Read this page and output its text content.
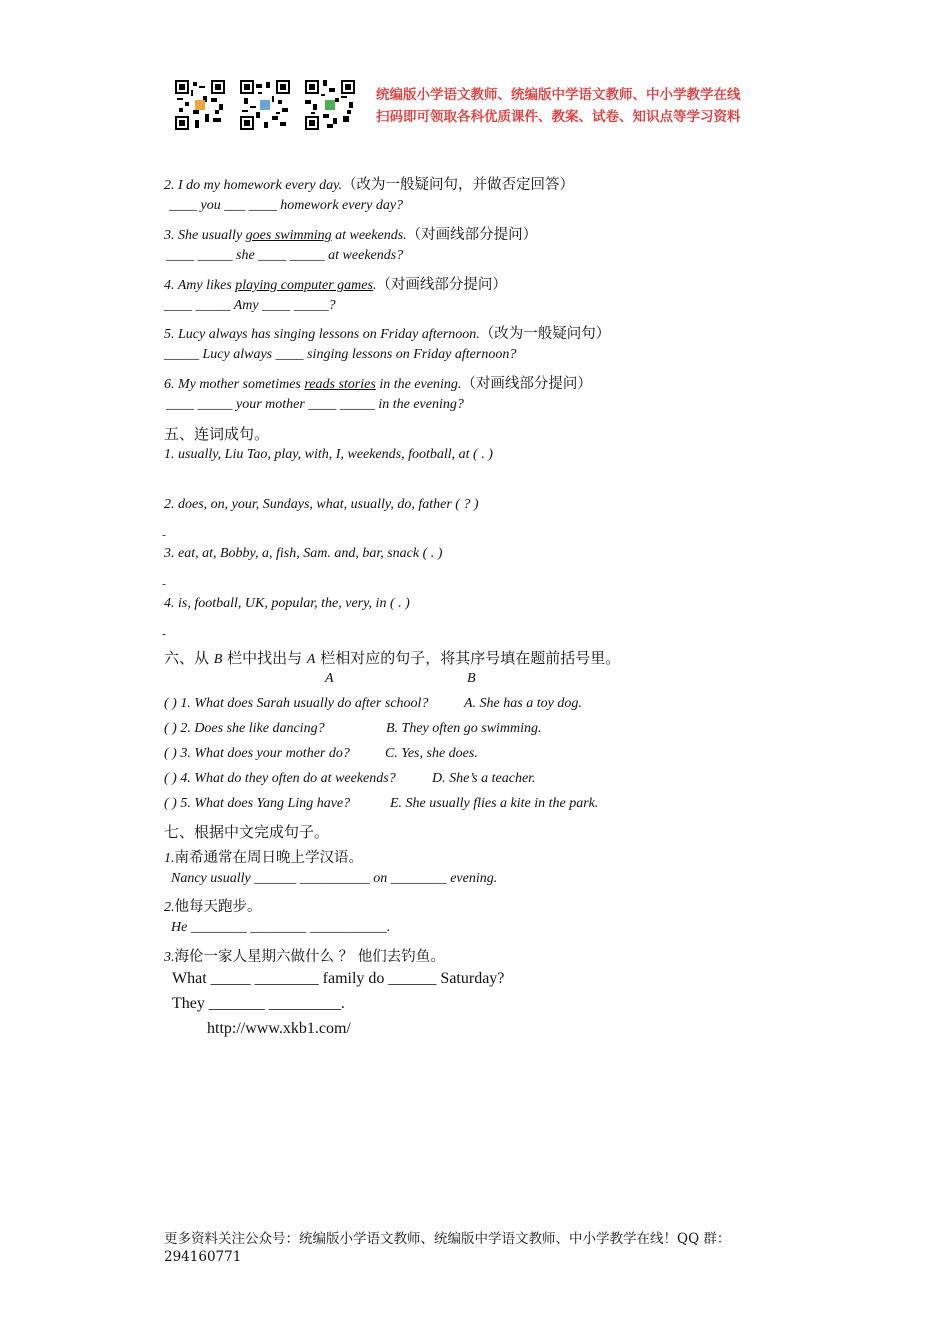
统编版小学语文教师、统编版中学语文教师、中小学教学在线
扫码即可领取各科优质课件、教案、试卷、知识点等学习资料
2. I do my homework every day.（改为一般疑问句，并做否定回答）
____ you ___ ____ homework every day?
3. She usually goes swimming at weekends.（对画线部分提问）
____ _____ she ____ _____ at weekends?
4. Amy likes playing computer games.（对画线部分提问）
____ _____ Amy ____ _____?
5. Lucy always has singing lessons on Friday afternoon.（改为一般疑问句）
_____ Lucy always ____ singing lessons on Friday afternoon?
6. My mother sometimes reads stories in the evening.（对画线部分提问）
____ _____ your mother ____ _____ in the evening?
五、连词成句。
1. usually, Liu Tao, play, with, I, weekends, football, at ( . )
2. does, on, your, Sundays, what, usually, do, father ( ? )
-
3. eat, at, Bobby, a, fish, Sam. and, bar, snack ( . )
-
4. is, football, UK, popular, the, very, in ( . )
-
六、从 B 栏中找出与 A 栏相对应的句子，将其序号填在题前括号里。
A	B
( ) 1. What does Sarah usually do after school?	A. She has a toy dog.
( ) 2. Does she like dancing?	B. They often go swimming.
( ) 3. What does your mother do?	C. Yes, she does.
( ) 4. What do they often do at weekends?	D. She’s a teacher.
( ) 5. What does Yang Ling have?	E. She usually flies a kite in the park.
七、根据中文完成句子。
1.南希通常在周日晚上学汉语。
Nancy usually ______ __________ on ________ evening.
2.他每天跑步。
He ________ ________ ___________.
3.海伦一家人星期六做什么 ？ 他们去钓鱼。
What _____ ________ family do ______ Saturday?
They _______ _________.
http://www.xkb1.com/
更多资料关注公众号：统编版小学语文教师、统编版中学语文教师、中小学教学在线！QQ 群：
294160771
